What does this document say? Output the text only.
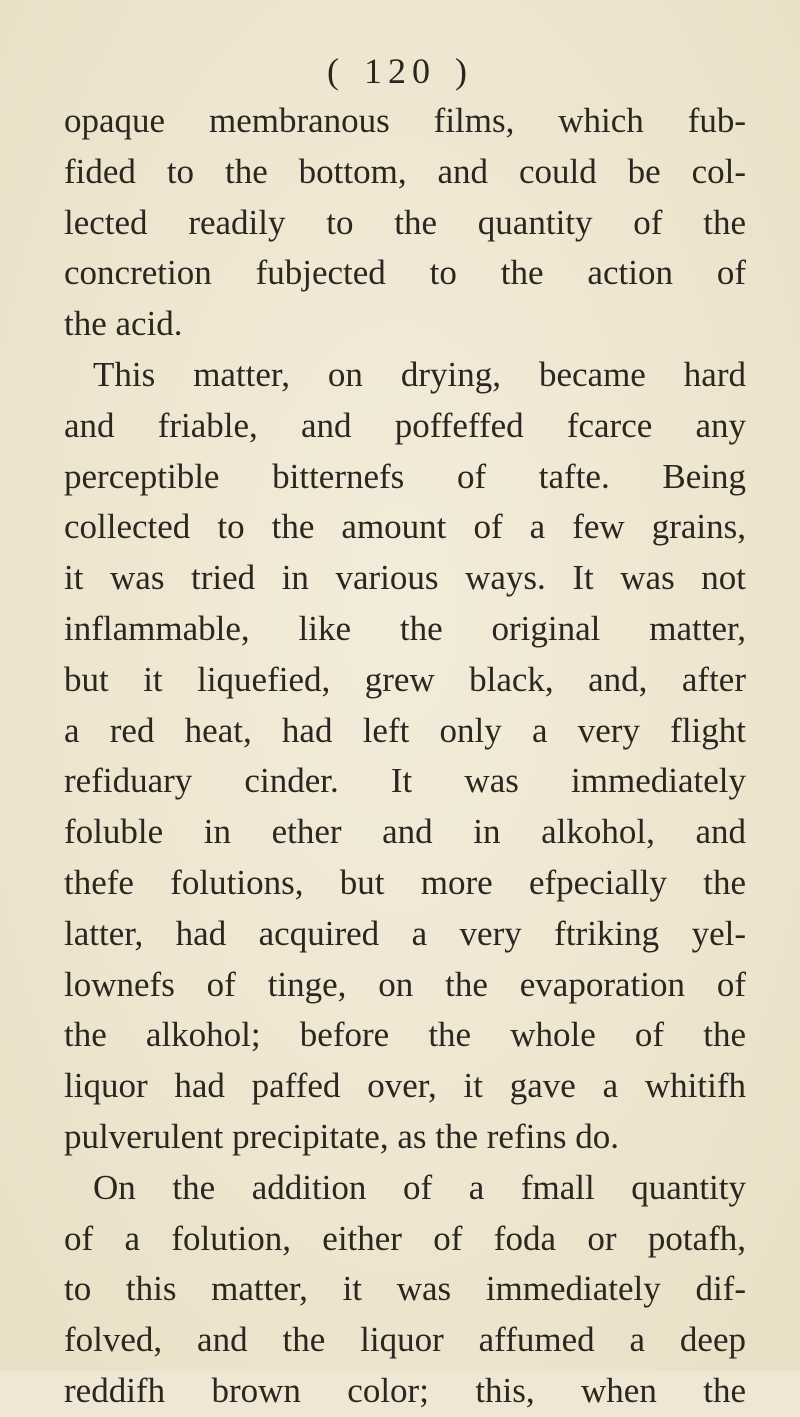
( 120 )
opaque membranous films, which fub-
fided to the bottom, and could be col-
lected readily to the quantity of the
concretion fubjected to the action of
the acid.
This matter, on drying, became hard
and friable, and poffeffed fcarce any
perceptible bitternefs of tafte. Being
collected to the amount of a few grains,
it was tried in various ways. It was not
inflammable, like the original matter,
but it liquefied, grew black, and, after
a red heat, had left only a very flight
refiduary cinder. It was immediately
foluble in ether and in alkohol, and
thefe folutions, but more efpecially the
latter, had acquired a very ftriking yel-
lownefs of tinge, on the evaporation of
the alkohol; before the whole of the
liquor had paffed over, it gave a whitifh
pulverulent precipitate, as the refins do.
On the addition of a fmall quantity
of a folution, either of foda or potafh,
to this matter, it was immediately dif-
folved, and the liquor affumed a deep
reddifh brown color; this, when the
